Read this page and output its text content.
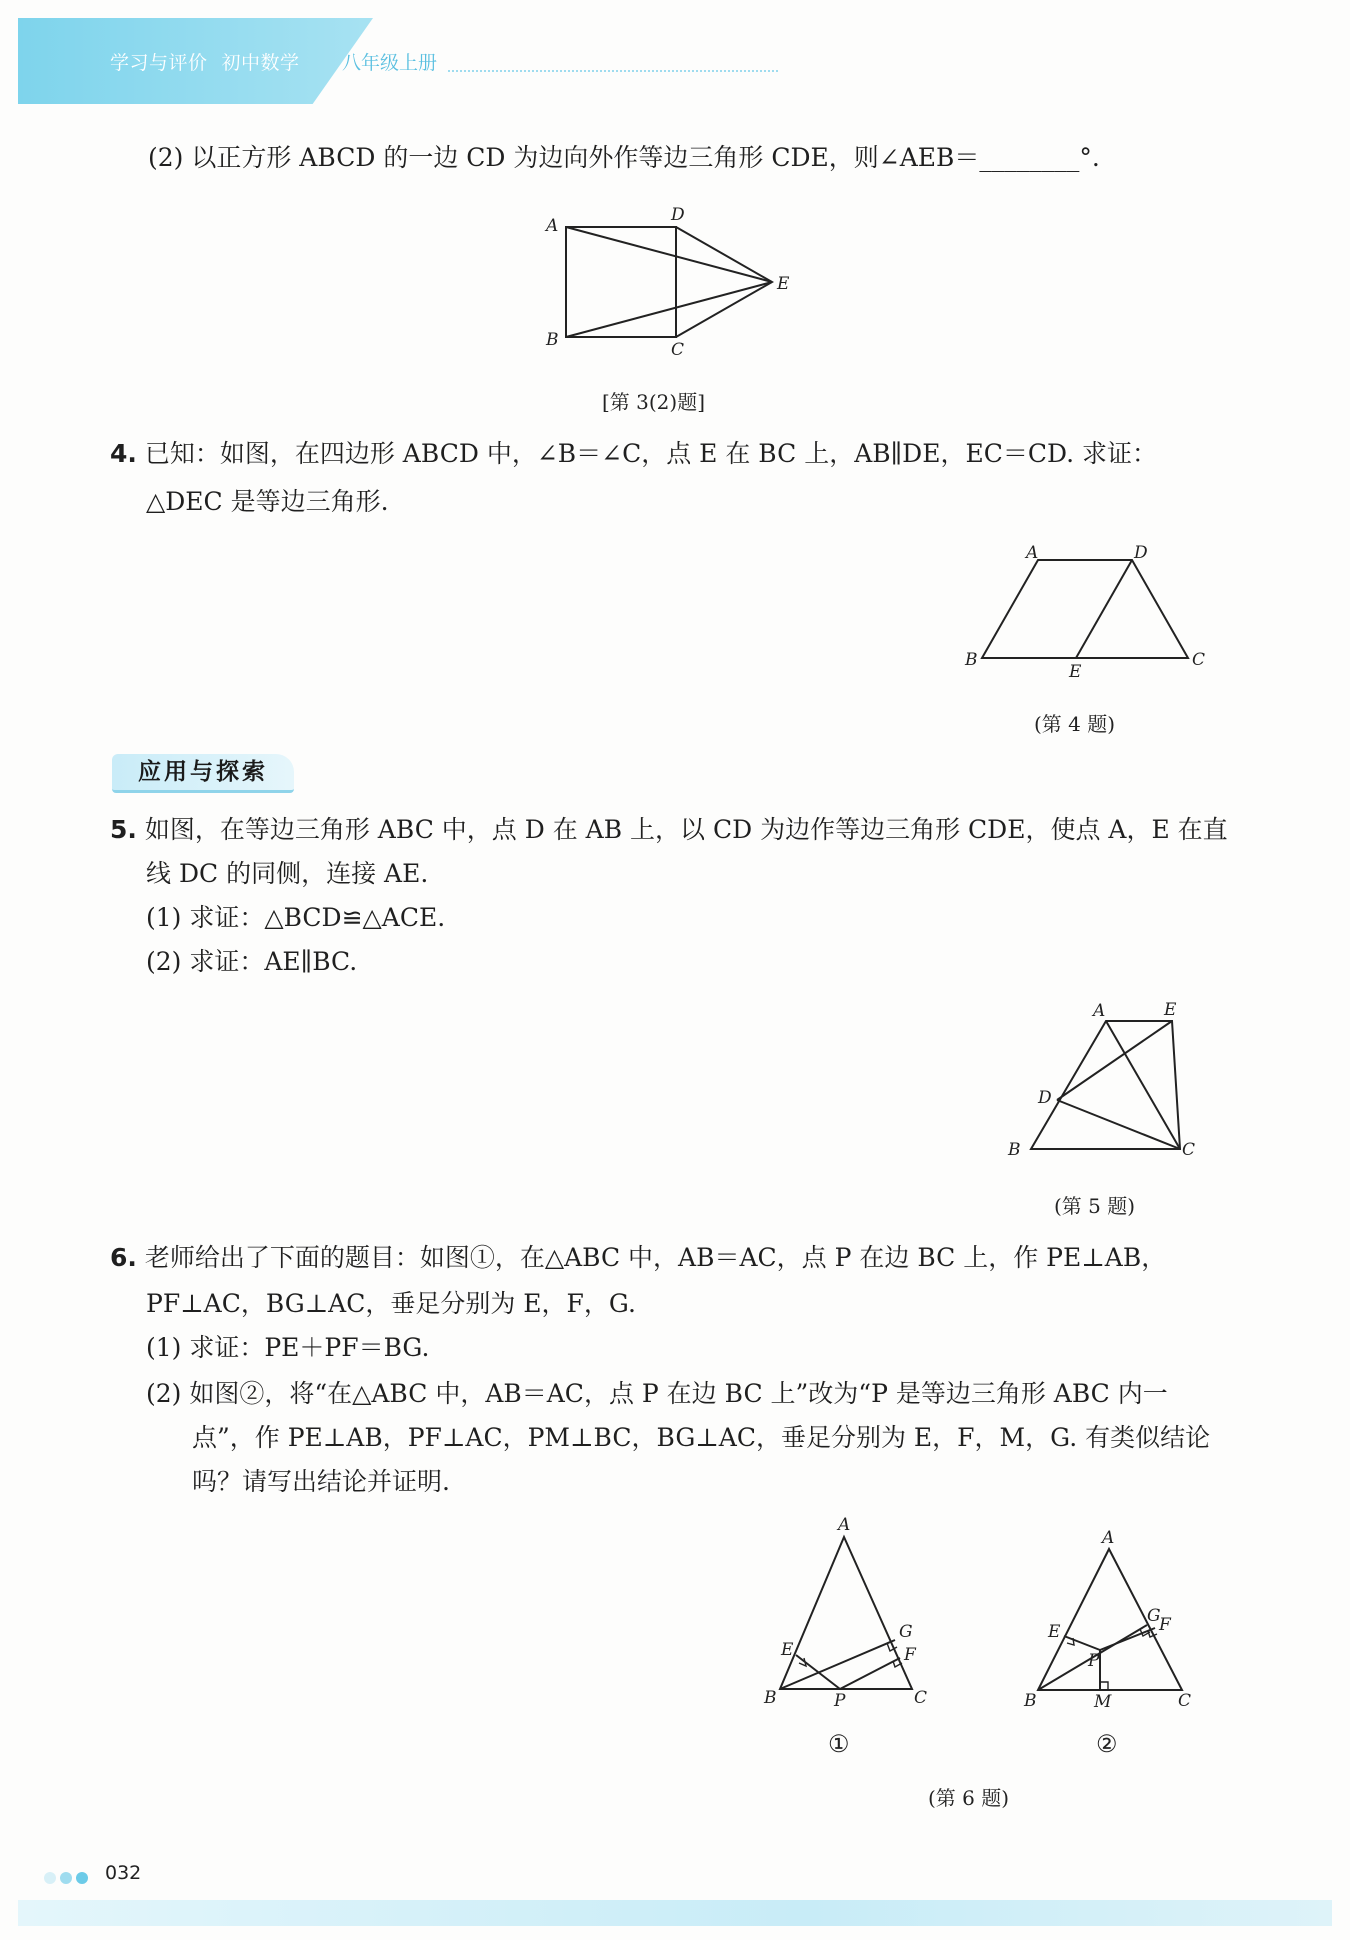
学习与评价 初中数学	八年级上册
(2) 以正方形 ABCD 的一边 CD 为边向外作等边三角形 CDE，则∠AEB＝________°.
A
D
E
B	C
[第 3(2)题]
4. 已知：如图，在四边形 ABCD 中，∠B＝∠C，点 E 在 BC 上，AB∥DE，EC＝CD. 求证：
△DEC 是等边三角形.
A	D
B
E
C
(第 4 题)
应用与探索
5. 如图，在等边三角形 ABC 中，点 D 在 AB 上，以 CD 为边作等边三角形 CDE，使点 A，E 在直
线 DC 的同侧，连接 AE.
(1) 求证：△BCD≌△ACE.
(2) 求证：AE∥BC.
A	E
D
B	C
(第 5 题)
6. 老师给出了下面的题目：如图①，在△ABC 中，AB＝AC，点 P 在边 BC 上，作 PE⊥AB，
PF⊥AC，BG⊥AC，垂足分别为 E，F，G.
(1) 求证：PE＋PF＝BG.
(2) 如图②，将“在△ABC 中，AB＝AC，点 P 在边 BC 上”改为“P 是等边三角形 ABC 内一
点”，作 PE⊥AB，PF⊥AC，PM⊥BC，BG⊥AC，垂足分别为 E，F，M，G. 有类似结论
吗？请写出结论并证明.
A
G
E	F
B	P	C
①
A
E
G
F
P
B	M	C
②
(第 6 题)
032
